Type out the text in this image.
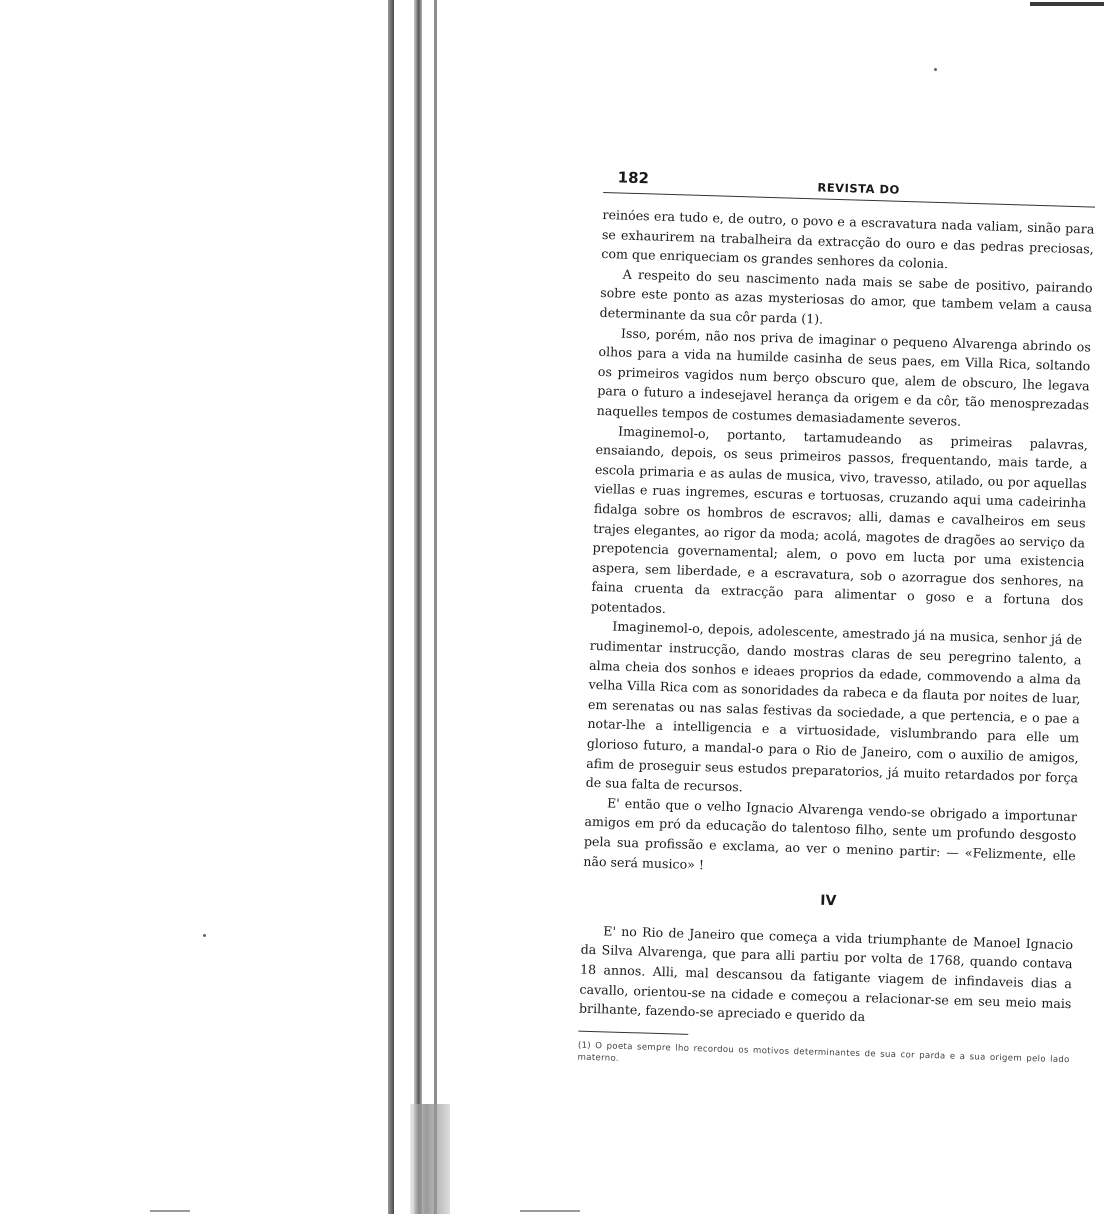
182
REVISTA DO

reinóes era tudo e, de outro, o povo e a escravatura nada valiam, sinão para se exhaurirem na trabalheira da extracção do ouro e das pedras preciosas, com que enriqueciam os grandes senhores da colonia.

A respeito do seu nascimento nada mais se sabe de positivo, pairando sobre este ponto as azas mysteriosas do amor, que tambem velam a causa determinante da sua côr parda (1).

Isso, porém, não nos priva de imaginar o pequeno Alvarenga abrindo os olhos para a vida na humilde casinha de seus paes, em Villa Rica, soltando os primeiros vagidos num berço obscuro que, alem de obscuro, lhe legava para o futuro a indesejavel herança da origem e da côr, tão menosprezadas naquelles tempos de costumes demasiadamente severos.

Imaginemol-o, portanto, tartamudeando as primeiras palavras, ensaiando, depois, os seus primeiros passos, frequentando, mais tarde, a escola primaria e as aulas de musica, vivo, travesso, atilado, ou por aquellas viellas e ruas ingremes, escuras e tortuosas, cruzando aqui uma cadeirinha fidalga sobre os hombros de escravos; alli, damas e cavalheiros em seus trajes elegantes, ao rigor da moda; acolá, magotes de dragões ao serviço da prepotencia governamental; alem, o povo em lucta por uma existencia aspera, sem liberdade, e a escravatura, sob o azorrague dos senhores, na faina cruenta da extracção para alimentar o goso e a fortuna dos potentados.

Imaginemol-o, depois, adolescente, amestrado já na musica, senhor já de rudimentar instrucção, dando mostras claras de seu peregrino talento, a alma cheia dos sonhos e ideaes proprios da edade, commovendo a alma da velha Villa Rica com as sonoridades da rabeca e da flauta por noites de luar, em serenatas ou nas salas festivas da sociedade, a que pertencia, e o pae a notar-lhe a intelligencia e a virtuosidade, vislumbrando para elle um glorioso futuro, a mandal-o para o Rio de Janeiro, com o auxilio de amigos, afim de proseguir seus estudos preparatorios, já muito retardados por força de sua falta de recursos.

E' então que o velho Ignacio Alvarenga vendo-se obrigado a importunar amigos em pró da educação do talentoso filho, sente um profundo desgosto pela sua profissão e exclama, ao ver o menino partir: — «Felizmente, elle não será musico» !

IV

E' no Rio de Janeiro que começa a vida triumphante de Manoel Ignacio da Silva Alvarenga, que para alli partiu por volta de 1768, quando contava 18 annos. Alli, mal descansou da fatigante viagem de infindaveis dias a cavallo, orientou-se na cidade e começou a relacionar-se em seu meio mais brilhante, fazendo-se apreciado e querido da

(1) O poeta sempre lho recordou os motivos determinantes de sua cor parda e a sua origem pelo lado materno.
